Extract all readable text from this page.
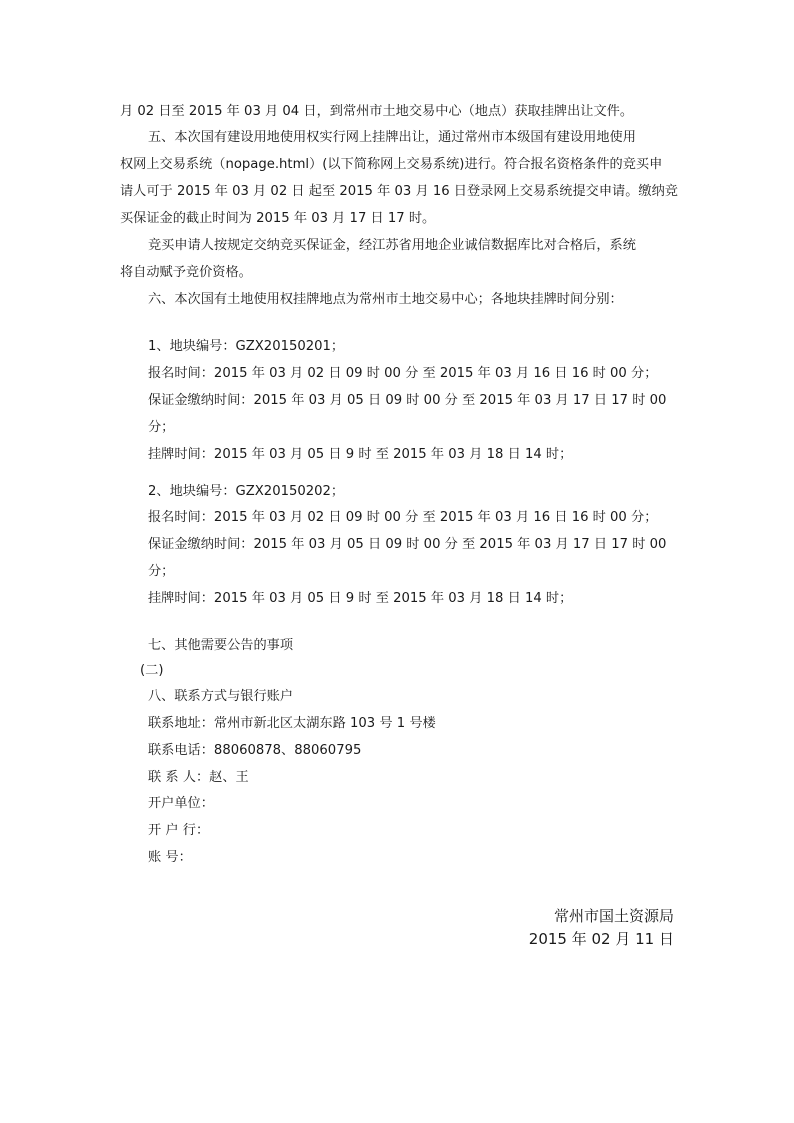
月 02 日至 2015 年 03 月 04 日，到常州市土地交易中心（地点）获取挂牌出让文件。
五、本次国有建设用地使用权实行网上挂牌出让，通过常州市本级国有建设用地使用
权网上交易系统（nopage.html）(以下简称网上交易系统)进行。符合报名资格条件的竞买申
请人可于 2015 年 03 月 02 日 起至 2015 年 03 月 16 日登录网上交易系统提交申请。缴纳竞
买保证金的截止时间为 2015 年 03 月 17 日 17 时。
竞买申请人按规定交纳竞买保证金，经江苏省用地企业诚信数据库比对合格后，系统
将自动赋予竞价资格。
六、本次国有土地使用权挂牌地点为常州市土地交易中心；各地块挂牌时间分别：
1、地块编号：GZX20150201；
报名时间：2015 年 03 月 02 日 09 时 00 分 至 2015 年 03 月 16 日 16 时 00 分；
保证金缴纳时间：2015 年 03 月 05 日 09 时 00 分 至 2015 年 03 月 17 日 17 时 00
分；
挂牌时间：2015 年 03 月 05 日 9 时 至 2015 年 03 月 18 日 14 时；
2、地块编号：GZX20150202；
报名时间：2015 年 03 月 02 日 09 时 00 分 至 2015 年 03 月 16 日 16 时 00 分；
保证金缴纳时间：2015 年 03 月 05 日 09 时 00 分 至 2015 年 03 月 17 日 17 时 00
分；
挂牌时间：2015 年 03 月 05 日 9 时 至 2015 年 03 月 18 日 14 时；
七、其他需要公告的事项
(二)
八、联系方式与银行账户
联系地址：常州市新北区太湖东路 103 号 1 号楼
联系电话：88060878、88060795
联 系 人：赵、王
开户单位：
开 户 行：
账 号：
常州市国土资源局
2015 年 02 月 11 日
